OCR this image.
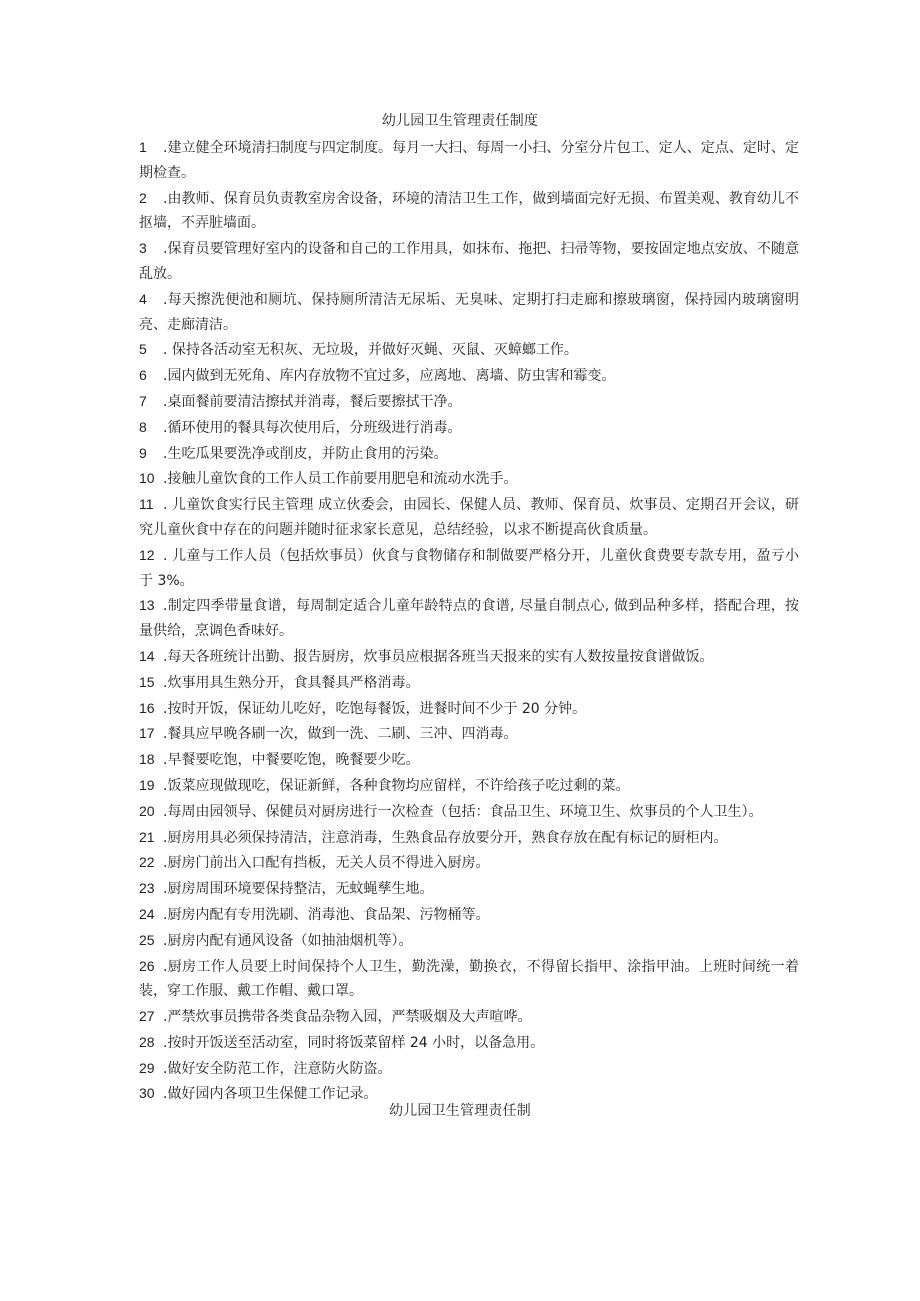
幼儿园卫生管理责任制度
1 .建立健全环境清扫制度与四定制度。每月一大扫、每周一小扫、分室分片包工、定人、定点、定时、定期检查。
2 .由教师、保育员负责教室房舍设备，环境的清洁卫生工作，做到墙面完好无损、布置美观、教育幼儿不抠墙，不弄脏墙面。
3 .保育员要管理好室内的设备和自己的工作用具，如抹布、拖把、扫帚等物，要按固定地点安放、不随意乱放。
4 .每天擦洗便池和厕坑、保持厕所清洁无尿垢、无臭味、定期打扫走廊和擦玻璃窗，保持园内玻璃窗明亮、走廊清洁。
5 . 保持各活动室无积灰、无垃圾，并做好灭蝇、灭鼠、灭蟑螂工作。
6 .园内做到无死角、库内存放物不宜过多，应离地、离墙、防虫害和霉变。
7 .桌面餐前要清洁擦拭并消毒，餐后要擦拭干净。
8 .循环使用的餐具每次使用后，分班级进行消毒。
9 .生吃瓜果要洗净或削皮，并防止食用的污染。
10 .接触儿童饮食的工作人员工作前要用肥皂和流动水洗手。
11 . 儿童饮食实行民主管理 成立伙委会，由园长、保健人员、教师、保育员、炊事员、定期召开会议，研究儿童伙食中存在的问题并随时征求家长意见，总结经验，以求不断提高伙食质量。
12 . 儿童与工作人员（包括炊事员）伙食与食物储存和制做要严格分开，儿童伙食费要专款专用，盈亏小于 3%。
13 .制定四季带量食谱，每周制定适合儿童年龄特点的食谱, 尽量自制点心, 做到品种多样，搭配合理，按量供给，烹调色香味好。
14 .每天各班统计出勤、报告厨房，炊事员应根据各班当天报来的实有人数按量按食谱做饭。
15 .炊事用具生熟分开，食具餐具严格消毒。
16 .按时开饭，保证幼儿吃好，吃饱每餐饭，进餐时间不少于 20 分钟。
17 .餐具应早晚各刷一次，做到一洗、二刷、三冲、四消毒。
18 .早餐要吃饱，中餐要吃饱，晚餐要少吃。
19 .饭菜应现做现吃，保证新鲜，各种食物均应留样，不许给孩子吃过剩的菜。
20 .每周由园领导、保健员对厨房进行一次检查（包括：食品卫生、环境卫生、炊事员的个人卫生）。
21 .厨房用具必须保持清洁，注意消毒，生熟食品存放要分开，熟食存放在配有标记的厨柜内。
22 .厨房门前出入口配有挡板，无关人员不得进入厨房。
23 .厨房周围环境要保持整洁，无蚊蝇孳生地。
24 .厨房内配有专用洗刷、消毒池、食品架、污物桶等。
25 .厨房内配有通风设备（如抽油烟机等）。
26 .厨房工作人员要上时间保持个人卫生，勤洗澡，勤换衣，不得留长指甲、涂指甲油。上班时间统一着装，穿工作服、戴工作帽、戴口罩。
27 .严禁炊事员携带各类食品杂物入园，严禁吸烟及大声喧哗。
28 .按时开饭送至活动室，同时将饭菜留样 24 小时，以备急用。
29 .做好安全防范工作，注意防火防盗。
30 .做好园内各项卫生保健工作记录。
幼儿园卫生管理责任制
